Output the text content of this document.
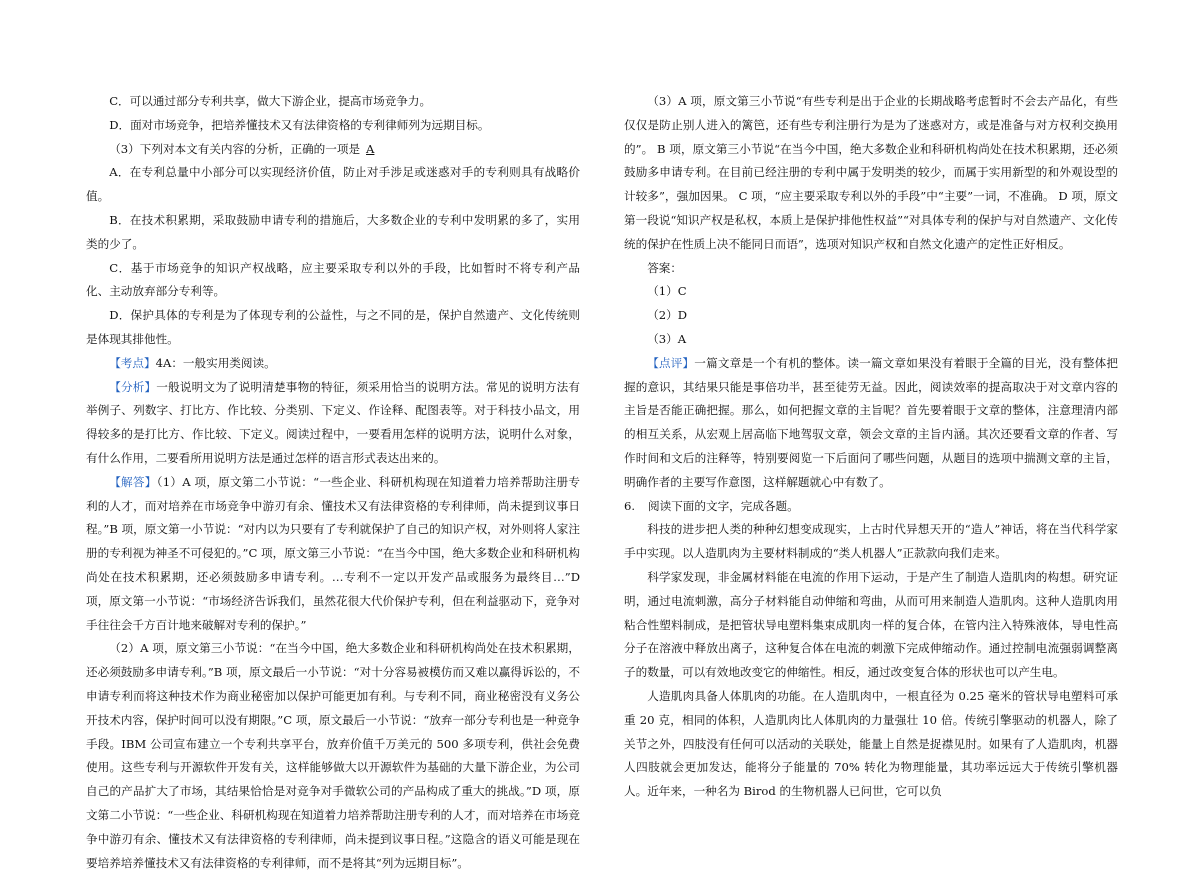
C．可以通过部分专利共享，做大下游企业，提高市场竞争力。

D．面对市场竞争，把培养懂技术又有法律资格的专利律师列为远期目标。

（3）下列对本文有关内容的分析，正确的一项是 A

A．在专利总量中小部分可以实现经济价值，防止对手涉足或迷惑对手的专利则具有战略价值。

B．在技术积累期，采取鼓励申请专利的措施后，大多数企业的专利中发明累的多了，实用类的少了。

C．基于市场竞争的知识产权战略，应主要采取专利以外的手段，比如暂时不将专利产品化、主动放弃部分专利等。

D．保护具体的专利是为了体现专利的公益性，与之不同的是，保护自然遗产、文化传统则是体现其排他性。

【考点】4A：一般实用类阅读。

【分析】一般说明文为了说明清楚事物的特征，须采用恰当的说明方法。常见的说明方法有举例子、列数字、打比方、作比较、分类别、下定义、作诠释、配图表等。对于科技小品文，用得较多的是打比方、作比较、下定义。阅读过程中，一要看用怎样的说明方法，说明什么对象，有什么作用，二要看所用说明方法是通过怎样的语言形式表达出来的。

【解答】（1）A 项，原文第二小节说：“一些企业、科研机构现在知道着力培养帮助注册专利的人才，而对培养在市场竞争中游刃有余、懂技术又有法律资格的专利律师，尚未提到议事日程。”B 项，原文第一小节说：“对内以为只要有了专利就保护了自己的知识产权，对外则将人家注册的专利视为神圣不可侵犯的。”C 项，原文第三小节说：“在当今中国，绝大多数企业和科研机构尚处在技术积累期，还必须鼓励多申请专利。…专利不一定以开发产品或服务为最终目…”D 项，原文第一小节说：“市场经济告诉我们，虽然花很大代价保护专利，但在利益驱动下，竞争对手往往会千方百计地来破解对专利的保护。”

（2）A 项，原文第三小节说：“在当今中国，绝大多数企业和科研机构尚处在技术积累期，还必须鼓励多申请专利。”B 项，原文最后一小节说：“对十分容易被模仿而又难以赢得诉讼的，不申请专利而将这种技术作为商业秘密加以保护可能更加有利。与专利不同，商业秘密没有义务公开技术内容，保护时间可以没有期限。”C 项，原文最后一小节说：“放弃一部分专利也是一种竞争手段。IBM 公司宣布建立一个专利共享平台，放弃价值千万美元的 500 多项专利，供社会免费使用。这些专利与开源软件开发有关，这样能够做大以开源软件为基础的大量下游企业，为公司自己的产品扩大了市场，其结果恰恰是对竞争对手微软公司的产品构成了重大的挑战。”D 项，原文第二小节说：“一些企业、科研机构现在知道着力培养帮助注册专利的人才，而对培养在市场竞争中游刃有余、懂技术又有法律资格的专利律师，尚未提到议事日程。”这隐含的语义可能是现在要培养培养懂技术又有法律资格的专利律师，而不是将其“列为远期目标”。

（3）A 项，原文第三小节说“有些专利是出于企业的长期战略考虑暂时不会去产品化，有些仅仅是防止别人进入的篱笆，还有些专利注册行为是为了迷惑对方，或是准备与对方权利交换用的”。 B 项，原文第三小节说“在当今中国，绝大多数企业和科研机构尚处在技术积累期，还必须鼓励多申请专利。在目前已经注册的专利中属于发明类的较少，而属于实用新型的和外观设型的计较多”，强加因果。 C 项，“应主要采取专利以外的手段”中“主要”一词，不准确。 D 项，原文第一段说“知识产权是私权，本质上是保护排他性权益”“对具体专利的保护与对自然遗产、文化传统的保护在性质上决不能同日而语”，选项对知识产权和自然文化遗产的定性正好相反。

答案：

（1）C

（2）D

（3）A

【点评】一篇文章是一个有机的整体。读一篇文章如果没有着眼于全篇的目光，没有整体把握的意识，其结果只能是事倍功半，甚至徒劳无益。因此，阅读效率的提高取决于对文章内容的主旨是否能正确把握。那么，如何把握文章的主旨呢？首先要着眼于文章的整体，注意理清内部的相互关系，从宏观上居高临下地驾驭文章，领会文章的主旨内涵。其次还要看文章的作者、写作时间和文后的注释等，特别要阅览一下后面问了哪些问题，从题目的选项中揣测文章的主旨，明确作者的主要写作意图，这样解题就心中有数了。

6. 阅读下面的文字，完成各题。

科技的进步把人类的种种幻想变成现实，上古时代异想天开的“造人”神话，将在当代科学家手中实现。以人造肌肉为主要材料制成的“类人机器人”正款款向我们走来。

科学家发现，非金属材料能在电流的作用下运动，于是产生了制造人造肌肉的构想。研究证明，通过电流刺激，高分子材料能自动伸缩和弯曲，从而可用来制造人造肌肉。这种人造肌肉用粘合性塑料制成，是把管状导电塑料集束成肌肉一样的复合体，在管内注入特殊液体，导电性高分子在溶液中释放出离子，这种复合体在电流的刺激下完成伸缩动作。通过控制电流强弱调整离子的数量，可以有效地改变它的伸缩性。相反，通过改变复合体的形状也可以产生电。

人造肌肉具备人体肌肉的功能。在人造肌肉中，一根直径为 0.25 毫米的管状导电塑料可承重 20 克，相同的体积，人造肌肉比人体肌肉的力量强壮 10 倍。传统引擎驱动的机器人，除了关节之外，四肢没有任何可以活动的关联处，能量上自然是捉襟见肘。如果有了人造肌肉，机器人四肢就会更加发达，能将分子能量的 70% 转化为物理能量，其功率远远大于传统引擎机器人。近年来，一种名为 Birod 的生物机器人已问世，它可以负
